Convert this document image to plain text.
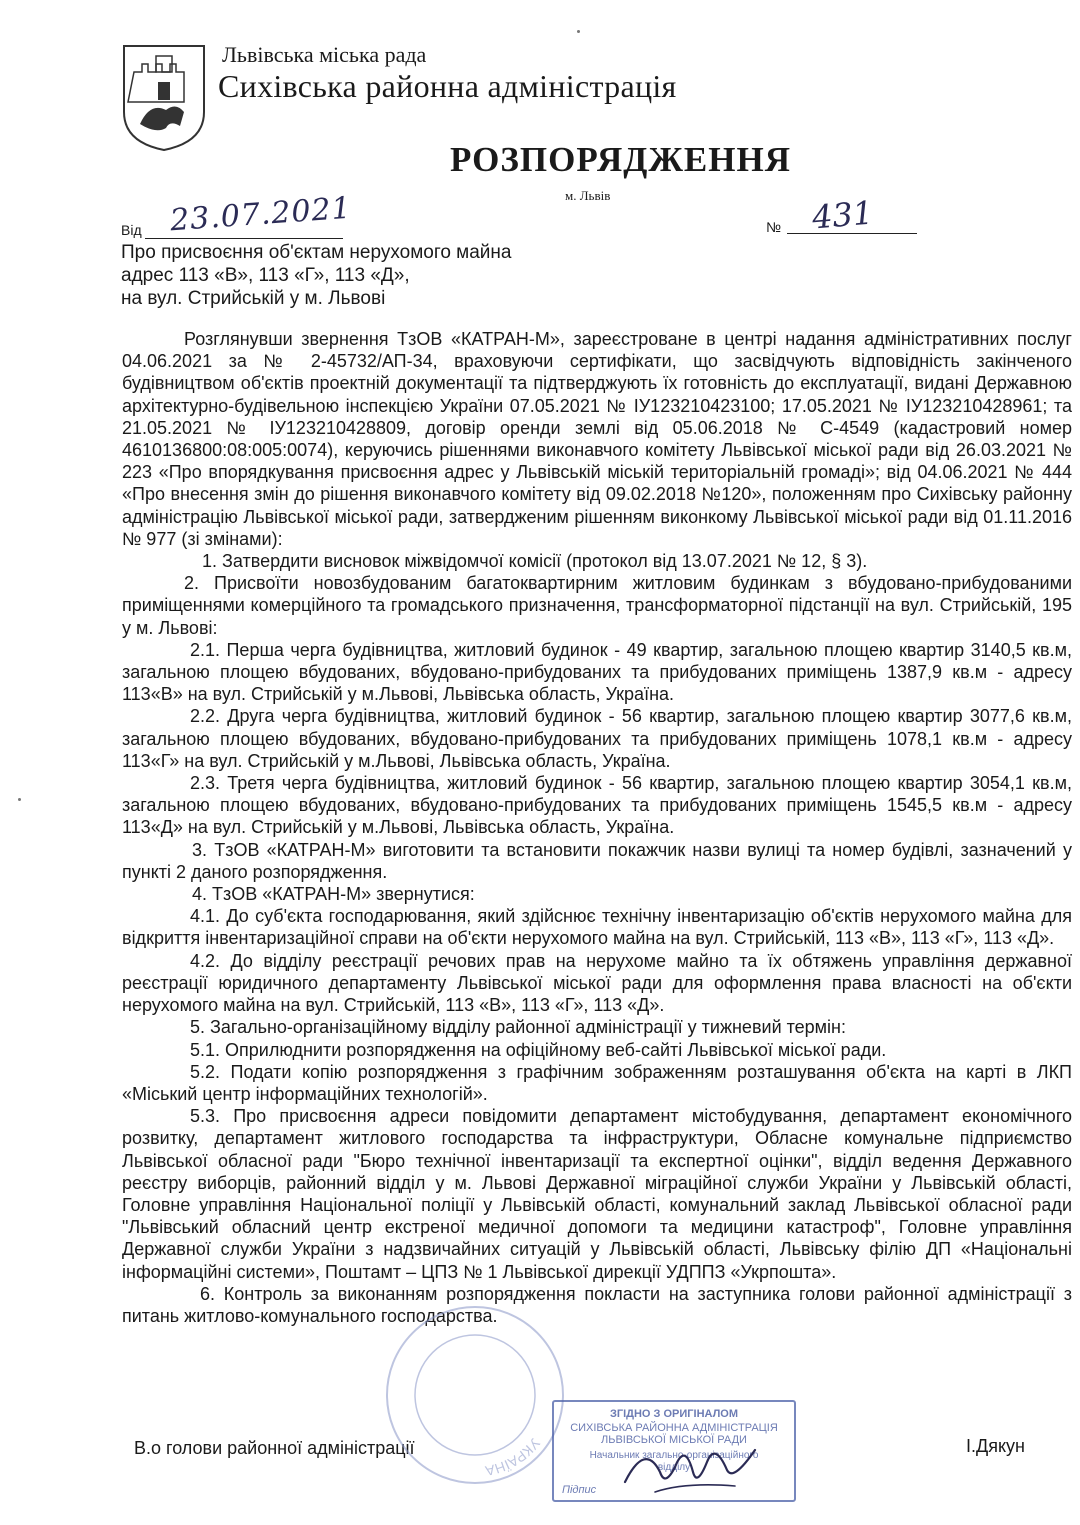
Львівська міська рада
Сихівська районна адміністрація
РОЗПОРЯДЖЕННЯ
м. Львів
Від 23.07.2021	№ 431
Про присвоєння об'єктам нерухомого майна
адрес 113 «В», 113 «Г», 113 «Д»,
на вул. Стрийській у м. Львові

Розглянувши звернення ТзОВ «КАТРАН-М», зареєстроване в центрі надання адміністративних послуг 04.06.2021 за № 2-45732/АП-34, враховуючи сертифікати, що засвідчують відповідність закінченого будівництвом об'єктів проектній документації та підтверджують їх готовність до експлуатації, видані Державною архітектурно-будівельною інспекцією України 07.05.2021 № ІУ123210423100; 17.05.2021 № ІУ123210428961; та 21.05.2021 № ІУ123210428809, договір оренди землі від 05.06.2018 № С-4549 (кадастровий номер 4610136800:08:005:0074), керуючись рішеннями виконавчого комітету Львівської міської ради від 26.03.2021 № 223 «Про впорядкування присвоєння адрес у Львівській міській територіальній громаді»; від 04.06.2021 № 444 «Про внесення змін до рішення виконавчого комітету від 09.02.2018 №120», положенням про Сихівську районну адміністрацію Львівської міської ради, затвердженим рішенням виконкому Львівської міської ради від 01.11.2016 № 977 (зі змінами):

1. Затвердити висновок міжвідомчої комісії (протокол від 13.07.2021 № 12, § 3).

2. Присвоїти новозбудованим багатоквартирним житловим будинкам з вбудовано-прибудованими приміщеннями комерційного та громадського призначення, трансформаторної підстанції на вул. Стрийській, 195 у м. Львові:

2.1. Перша черга будівництва, житловий будинок - 49 квартир, загальною площею квартир 3140,5 кв.м, загальною площею вбудованих, вбудовано-прибудованих та прибудованих приміщень 1387,9 кв.м - адресу 113«В» на вул. Стрийській у м.Львові, Львівська область, Україна.

2.2. Друга черга будівництва, житловий будинок - 56 квартир, загальною площею квартир 3077,6 кв.м, загальною площею вбудованих, вбудовано-прибудованих та прибудованих приміщень 1078,1 кв.м - адресу 113«Г» на вул. Стрийській у м.Львові, Львівська область, Україна.

2.3. Третя черга будівництва, житловий будинок - 56 квартир, загальною площею квартир 3054,1 кв.м, загальною площею вбудованих, вбудовано-прибудованих та прибудованих приміщень 1545,5 кв.м - адресу 113«Д» на вул. Стрийській у м.Львові, Львівська область, Україна.

3. ТзОВ «КАТРАН-М» виготовити та встановити покажчик назви вулиці та номер будівлі, зазначений у пункті 2 даного розпорядження.

4. ТзОВ «КАТРАН-М» звернутися:

4.1. До суб'єкта господарювання, який здійснює технічну інвентаризацію об'єктів нерухомого майна для відкриття інвентаризаційної справи на об'єкти нерухомого майна на вул. Стрийській, 113 «В», 113 «Г», 113 «Д».

4.2. До відділу реєстрації речових прав на нерухоме майно та їх обтяжень управління державної реєстрації юридичного департаменту Львівської міської ради для оформлення права власності на об'єкти нерухомого майна на вул. Стрийській, 113 «В», 113 «Г», 113 «Д».

5. Загально-організаційному відділу районної адміністрації у тижневий термін:

5.1. Оприлюднити розпорядження на офіційному веб-сайті Львівської міської ради.

5.2. Подати копію розпорядження з графічним зображенням розташування об'єкта на карті в ЛКП «Міський центр інформаційних технологій».

5.3. Про присвоєння адреси повідомити департамент містобудування, департамент економічного розвитку, департамент житлового господарства та інфраструктури, Обласне комунальне підприємство Львівської обласної ради "Бюро технічної інвентаризації та експертної оцінки", відділ ведення Державного реєстру виборців, районний відділ у м. Львові Державної міграційної служби України у Львівській області, Головне управління Національної поліції у Львівській області, комунальний заклад Львівської обласної ради "Львівський обласний центр екстреної медичної допомоги та медицини катастроф", Головне управління Державної служби України з надзвичайних ситуацій у Львівській області, Львівську філію ДП «Національні інформаційні системи», Поштамт – ЦПЗ № 1 Львівської дирекції УДППЗ «Укрпошта».

6. Контроль за виконанням розпорядження покласти на заступника голови районної адміністрації з питань житлово-комунального господарства.

В.о голови районної адміністрації	І.Дякун
УКРАЇНА
ЗГІДНО З ОРИГІНАЛОМ
СИХІВСЬКА РАЙОННА АДМІНІСТРАЦІЯ
ЛЬВІВСЬКОЇ МІСЬКОЇ РАДИ
Начальник загально-організаційного
відділу
Підпис
